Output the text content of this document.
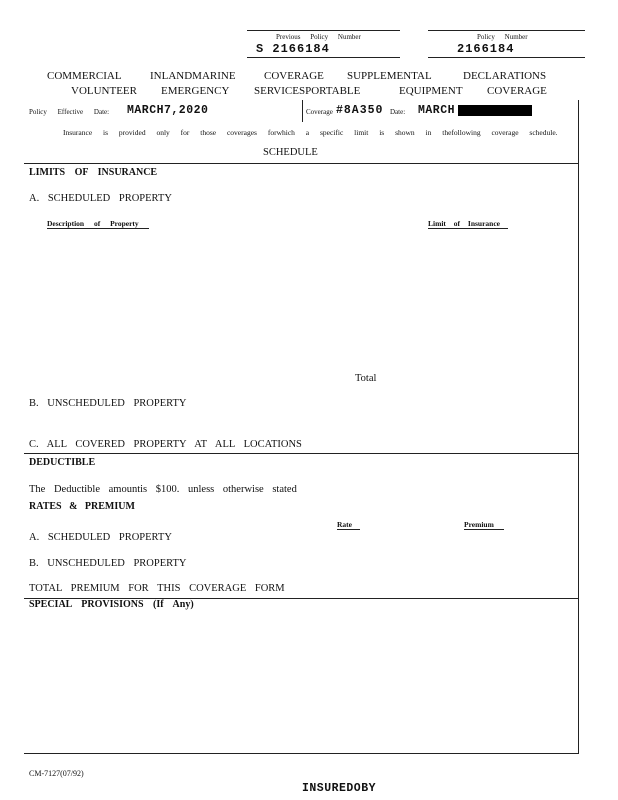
Previous Policy Number
S 2166184
Policy Number
2166184
COMMERCIAL	INLANDMARINE	COVERAGE SUPPLEMENTAL	DECLARATIONS
VOLUNTEER EMERGENCY SERVICESPORTABLE	EQUIPMENT COVERAGE
Policy Effective Date: MARCH7,2020	Coverage #8A350 Date: MARCH
Insurance is provided only for those coverages forwhich a specific limit is shown in thefollowing coverage schedule.
SCHEDULE
LIMITS OF INSURANCE
A. SCHEDULED PROPERTY
Description of Property	Limit of Insurance
Total
B. UNSCHEDULED PROPERTY
C. ALL COVERED PROPERTY AT ALL LOCATIONS
DEDUCTIBLE
The Deductible amountis $100. unless otherwise stated
RATES & PREMIUM
Rate	Premium
A. SCHEDULED PROPERTY
B. UNSCHEDULED PROPERTY
TOTAL PREMIUM FOR THIS COVERAGE FORM
SPECIAL PROVISIONS (If Any)
CM-7127(07/92)
INSUREDOBY
